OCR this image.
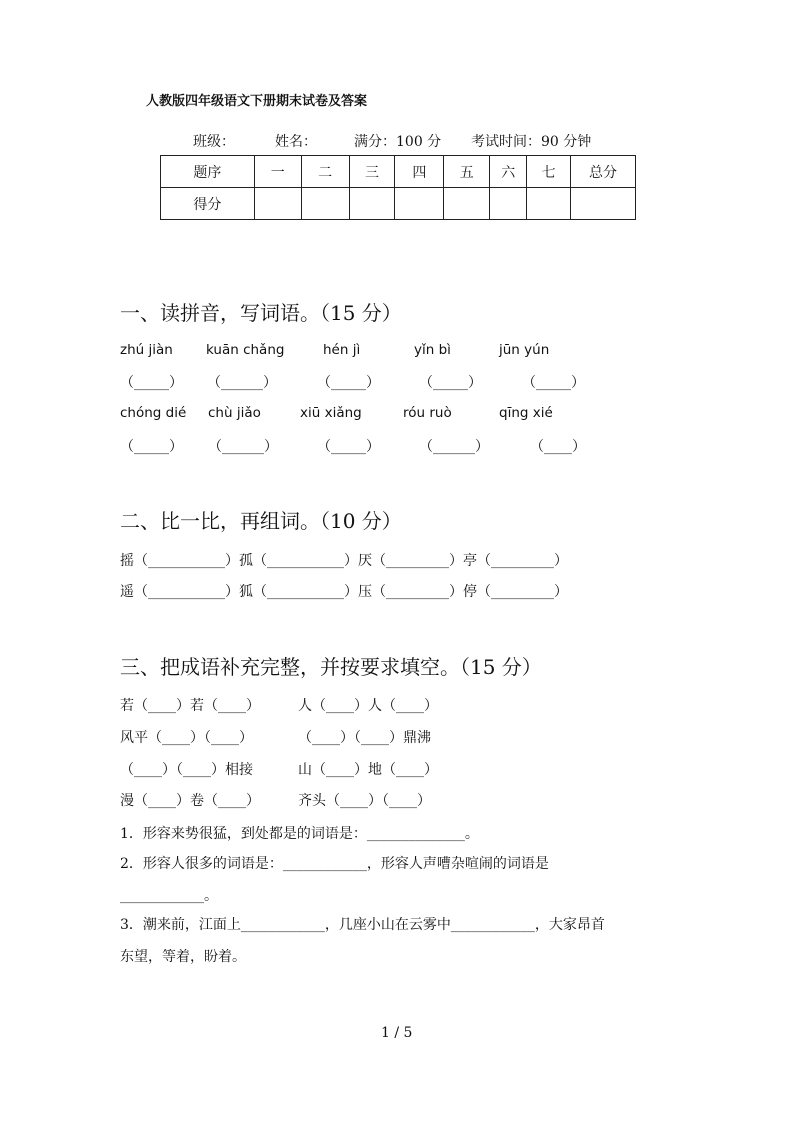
人教版四年级语文下册期末试卷及答案
班级：	姓名：	满分：100 分 考试时间：90 分钟
题序	一	二	三	四	五	六	七	总分
得分								
一、读拼音，写词语。（15 分）
zhú jiàn kuān chǎng	hén jì	yǐn bì	jūn yún
（_____） （______）	（_____）	（_____）	（_____）
chóng dié chù jiǎo	xiū xiǎng	róu ruò	qīng xié
（_____） （______）	（_____）	（______）	（____）
二、比一比，再组词。（10 分）
摇（___________）孤（___________）厌（_________）亭（_________）
遥（___________）狐（___________）压（_________）停（_________）
三、把成语补充完整，并按要求填空。（15 分）
若（____）若（____）	人（____）人（____）
风平（____）（____）	（____）（____）鼎沸
（____）（____）相接	山（____）地（____）
漫（____）卷（____）	齐头（____）（____）
1．形容来势很猛，到处都是的词语是：______________。
2．形容人很多的词语是：____________，形容人声嘈杂喧闹的词语是
____________。
3．潮来前，江面上____________，几座小山在云雾中____________，大家昂首
东望，等着，盼着。
1 / 5
